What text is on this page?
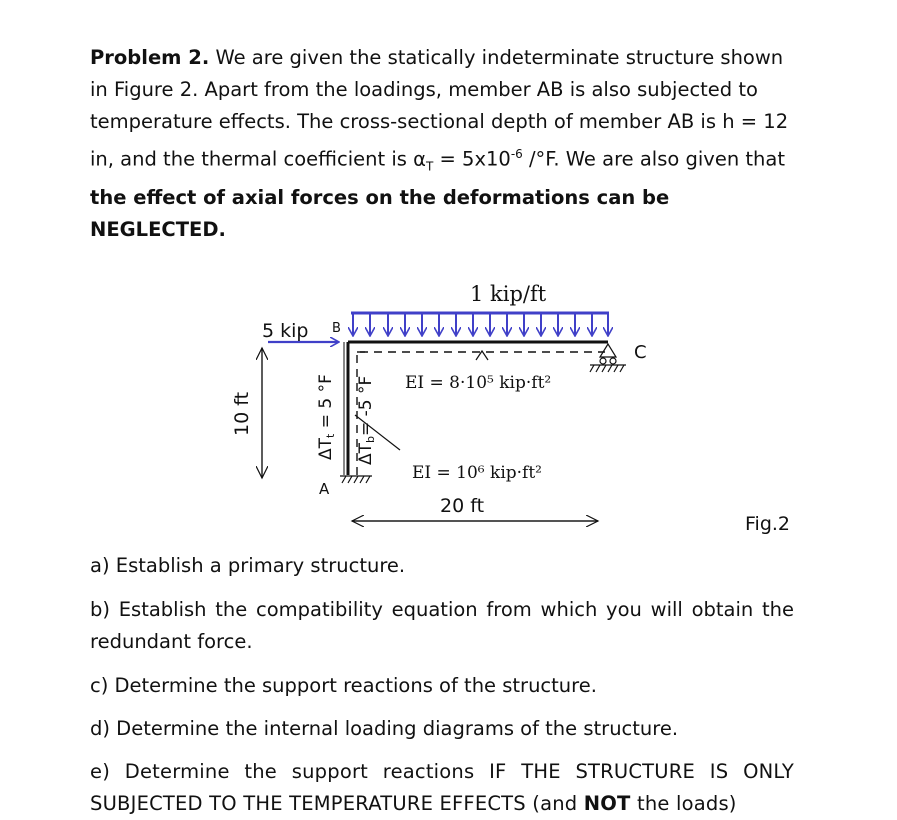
Problem 2. We are given the statically indeterminate structure shown
in Figure 2. Apart from the loadings, member AB is also subjected to
temperature effects. The cross-sectional depth of member AB is h = 12
in, and the thermal coefficient is $\alpha_T = 5x10^{-6}$ /°F. We are also given that
the effect of axial forces on the deformations can be NEGLECTED.
1 kip/ft
5 kip B
C
A
EI = 8·10⁵ kip·ft²
EI = 10⁶ kip·ft²
20 ft
10 ft
ΔTt = 5 °F
ΔTb= -5 °F
Fig.2
a) Establish a primary structure.
b) Establish the compatibility equation from which you will obtain the
redundant force.
c) Determine the support reactions of the structure.
d) Determine the internal loading diagrams of the structure.
e) Determine the support reactions IF THE STRUCTURE IS ONLY
SUBJECTED TO THE TEMPERATURE EFFECTS (and NOT the loads)
